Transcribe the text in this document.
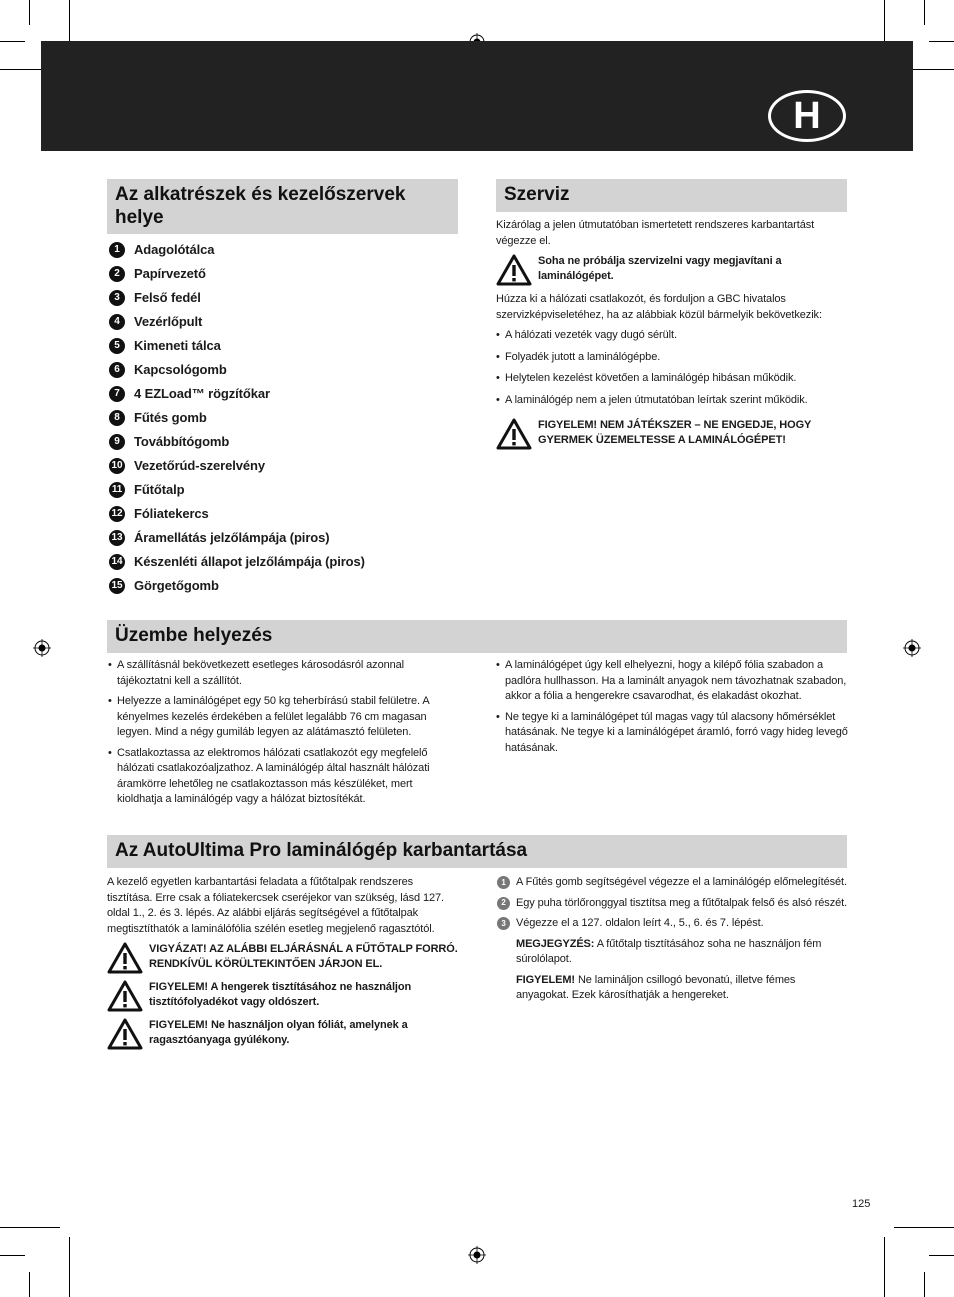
H
Az alkatrészek és kezelőszervek helye
1	Adagolótálca
2	Papírvezető
3	Felső fedél
4	Vezérlőpult
5	Kimeneti tálca
6	Kapcsológomb
7	4 EZLoad™ rögzítőkar
8	Fűtés gomb
9	Továbbítógomb
10 Vezetőrúd-szerelvény
11 Fűtőtalp
12 Fóliatekercs
13 Áramellátás jelzőlámpája (piros)
14 Készenléti állapot jelzőlámpája (piros)
15 Görgetőgomb
Szerviz

Kizárólag a jelen útmutatóban ismertetett rendszeres karbantartást végezze el.

Soha ne próbálja szervizelni vagy megjavítani a laminálógépet.

Húzza ki a hálózati csatlakozót, és forduljon a GBC hivatalos szervizképviseletéhez, ha az alábbiak közül bármelyik bekövetkezik:

• A hálózati vezeték vagy dugó sérült.
• Folyadék jutott a laminálógépbe.
• Helytelen kezelést követően a laminálógép hibásan működik.
• A laminálógép nem a jelen útmutatóban leírtak szerint működik.
FIGYELEM! NEM JÁTÉKSZER – NE ENGEDJE, HOGY GYERMEK ÜZEMELTESSE A LAMINÁLÓGÉPET!
Üzembe helyezés
• A szállításnál bekövetkezett esetleges károsodásról azonnal tájékoztatni kell a szállítót.
• Helyezze a laminálógépet egy 50 kg teherbírású stabil felületre. A kényelmes kezelés érdekében a felület legalább 76 cm magasan legyen. Mind a négy gumiláb legyen az alátámasztó felületen.
• Csatlakoztassa az elektromos hálózati csatlakozót egy megfelelő hálózati csatlakozóaljzathoz. A laminálógép által használt hálózati áramkörre lehetőleg ne csatlakoztasson más készüléket, mert kioldhatja a laminálógép vagy a hálózat biztosítékát.
• A laminálógépet úgy kell elhelyezni, hogy a kilépő fólia szabadon a padlóra hullhasson. Ha a laminált anyagok nem távozhatnak szabadon, akkor a fólia a hengerekre csavarodhat, és elakadást okozhat.
• Ne tegye ki a laminálógépet túl magas vagy túl alacsony hőmérséklet hatásának. Ne tegye ki a laminálógépet áramló, forró vagy hideg levegő hatásának.
Az AutoUltima Pro laminálógép karbantartása

A kezelő egyetlen karbantartási feladata a fűtőtalpak rendszeres tisztítása. Erre csak a fóliatekercsek cseréjekor van szükség, lásd 127. oldal 1., 2. és 3. lépés. Az alábbi eljárás segítségével a fűtőtalpak megtisztíthatók a laminálófólia szélén esetleg megjelenő ragasztótól.

VIGYÁZAT! AZ ALÁBBI ELJÁRÁSNÁL A FŰTŐTALP FORRÓ. RENDKÍVÜL KÖRÜLTEKINTŐEN JÁRJON EL.
FIGYELEM! A hengerek tisztításához ne használjon tisztítófolyadékot vagy oldószert.
FIGYELEM! Ne használjon olyan fóliát, amelynek a ragasztóanyaga gyúlékony.
1 A Fűtés gomb segítségével végezze el a laminálógép előmelegítését.
2 Egy puha törlőronggyal tisztítsa meg a fűtőtalpak felső és alsó részét.
3 Végezze el a 127. oldalon leírt 4., 5., 6. és 7. lépést.

MEGJEGYZÉS: A fűtőtalp tisztításához soha ne használjon fém súrolólapot.

FIGYELEM! Ne lamináljon csillogó bevonatú, illetve fémes anyagokat. Ezek károsíthatják a hengereket.

125
